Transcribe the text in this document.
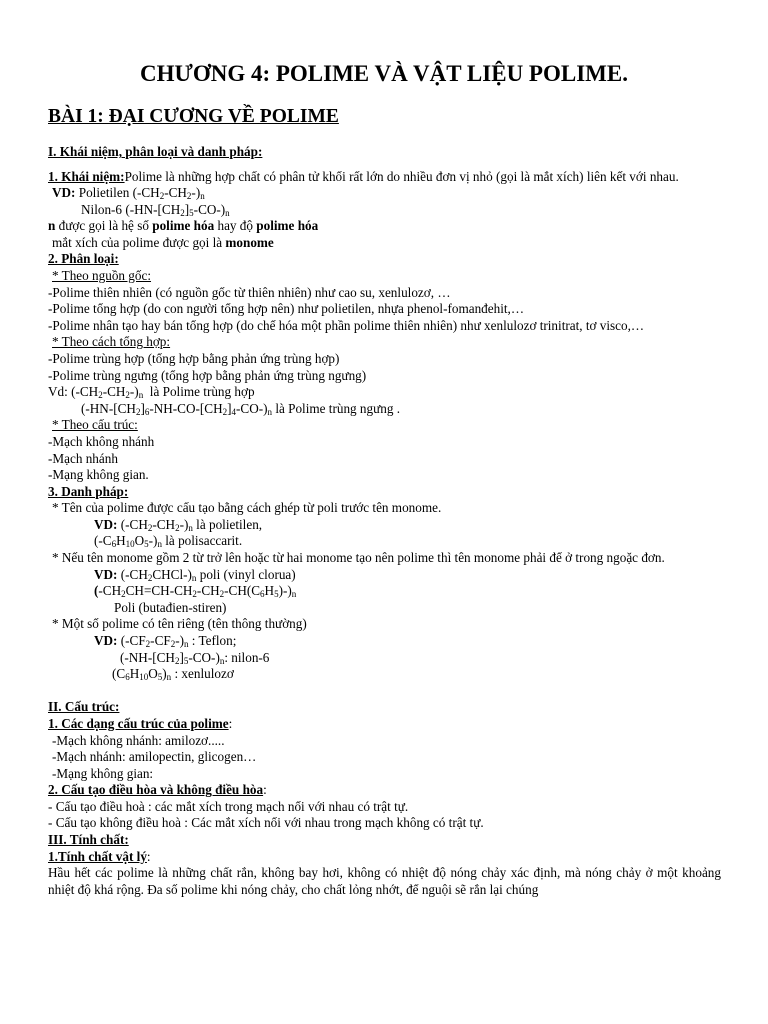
CHƯƠNG 4: POLIME VÀ VẬT LIỆU POLIME.
BÀI 1: ĐẠI CƯƠNG VỀ POLIME
I. Khái niệm, phân loại và danh pháp:
1. Khái niệm:Polime là những hợp chất có phân tử khối rất lớn do nhiều đơn vị nhỏ (gọi là mắt xích) liên kết với nhau.
VD: Polietilen $(-CH_2-CH_2-)_n$
Nilon-6 $(-HN-[CH_2]_5-CO-)_n$
n được gọi là hệ số polime hóa hay độ polime hóa
mắt xích của polime được gọi là monome
2. Phân loại:
* Theo nguồn gốc:
-Polime thiên nhiên (có nguồn gốc từ thiên nhiên) như cao su, xenlulozơ, …
-Polime tổng hợp (do con người tổng hợp nên) như polietilen, nhựa phenol-fomanđehit,…
-Polime nhân tạo hay bán tổng hợp (do chế hóa một phần polime thiên nhiên) như xenlulozơ trinitrat, tơ visco,…
* Theo cách tổng hợp:
-Polime trùng hợp (tổng hợp bằng phản ứng trùng hợp)
-Polime trùng ngưng (tổng hợp bằng phản ứng trùng ngưng)
Vd: $(-CH_2-CH_2-)_n$  là Polime trùng hợp
$(-HN-[CH_2]_6-NH-CO-[CH_2]_4-CO-)_n$ là Polime trùng ngưng .
* Theo cấu trúc:
-Mạch không nhánh
-Mạch nhánh
-Mạng không gian.
3. Danh pháp:
* Tên của polime được cấu tạo bằng cách ghép từ poli trước tên monome.
VD: $(-CH_2-CH_2-)_n$ là polietilen,
$(-C_6H_{10}O_5-)_n$ là polisaccarit.
* Nếu tên monome gồm 2 từ trở lên hoặc từ hai monome tạo nên polime thì tên monome phải để ở trong ngoặc đơn.
VD: $(-CH_2CHCl-)_n$ poli (vinyl clorua)
$(-CH_2CH=CH-CH_2-CH_2-CH(C_6H_5)-)_n$
Poli (butađien-stiren)
* Một số polime có tên riêng (tên thông thường)
VD: $(-CF_2-CF_2-)_n$ : Teflon;
$(-NH-[CH_2]_5-CO-)_n$: nilon-6
$(C_6H_{10}O_5)_n$ : xenlulozơ
II. Cấu trúc:
1. Các dạng cấu trúc của polime:
-Mạch không nhánh: amilozơ.....
-Mạch nhánh: amilopectin, glicogen…
-Mạng không gian:
2. Cấu tạo điều hòa và không điều hòa:
- Cấu tạo điều hoà : các mắt xích trong mạch nối với nhau có trật tự.
- Cấu tạo không điều hoà : Các mắt xích nối với nhau trong mạch không có trật tự.
III. Tính chất:
1.Tính chất vật lý:
Hầu hết các polime là những chất rắn, không bay hơi, không có nhiệt độ nóng chảy xác định, mà nóng chảy ở một khoảng nhiệt độ khá rộng. Đa số polime khi nóng chảy, cho chất lỏng nhớt, để nguội sẽ rắn lại chúng
